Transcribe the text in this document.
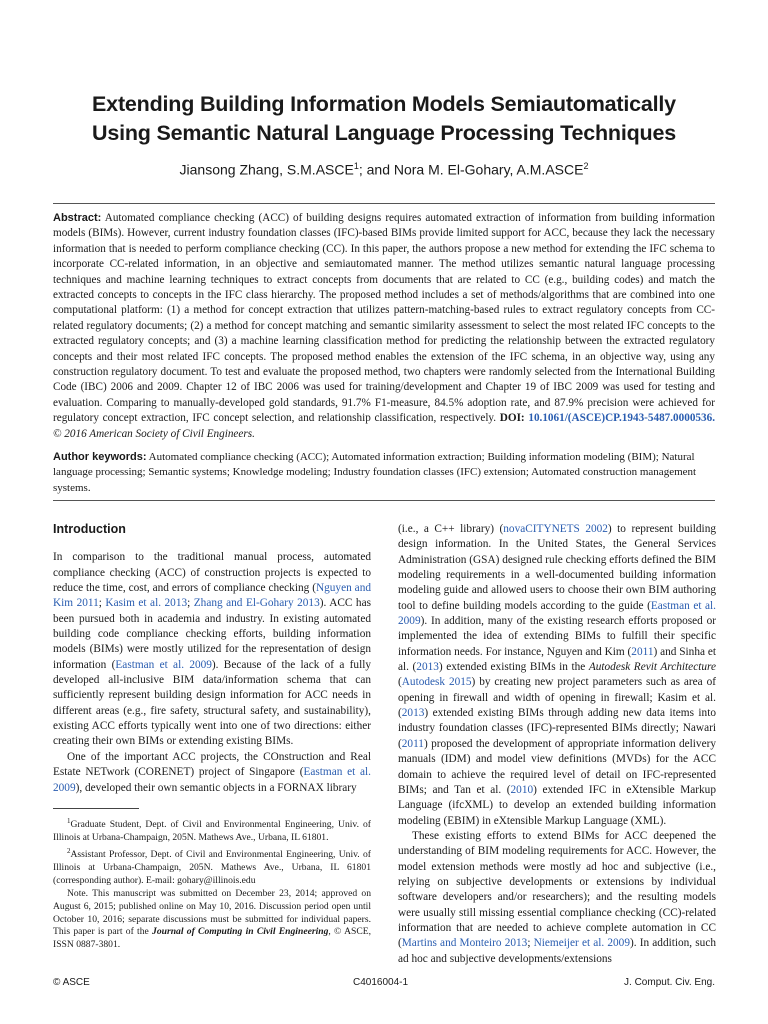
Extending Building Information Models Semiautomatically
Using Semantic Natural Language Processing Techniques
Jiansong Zhang, S.M.ASCE$^1$; and Nora M. El-Gohary, A.M.ASCE$^2$
Abstract: Automated compliance checking (ACC) of building designs requires automated extraction of information from building information models (BIMs). However, current industry foundation classes (IFC)-based BIMs provide limited support for ACC, because they lack the necessary information that is needed to perform compliance checking (CC). In this paper, the authors propose a new method for extending the IFC schema to incorporate CC-related information, in an objective and semiautomated manner. The method utilizes semantic natural language processing techniques and machine learning techniques to extract concepts from documents that are related to CC (e.g., building codes) and match the extracted concepts to concepts in the IFC class hierarchy. The proposed method includes a set of methods/algorithms that are combined into one computational platform: (1) a method for concept extraction that utilizes pattern-matching-based rules to extract regulatory concepts from CC-related regulatory documents; (2) a method for concept matching and semantic similarity assessment to select the most related IFC concepts to the extracted regulatory concepts; and (3) a machine learning classification method for predicting the relationship between the extracted regulatory concepts and their most related IFC concepts. The proposed method enables the extension of the IFC schema, in an objective way, using any construction regulatory document. To test and evaluate the proposed method, two chapters were randomly selected from the International Building Code (IBC) 2006 and 2009. Chapter 12 of IBC 2006 was used for training/development and Chapter 19 of IBC 2009 was used for testing and evaluation. Comparing to manually-developed gold standards, 91.7% F1-measure, 84.5% adoption rate, and 87.9% precision were achieved for regulatory concept extraction, IFC concept selection, and relationship classification, respectively. DOI: 10.1061/(ASCE)CP.1943-5487.0000536. © 2016 American Society of Civil Engineers.
Author keywords: Automated compliance checking (ACC); Automated information extraction; Building information modeling (BIM); Natural language processing; Semantic systems; Knowledge modeling; Industry foundation classes (IFC) extension; Automated construction management systems.
Introduction

In comparison to the traditional manual process, automated compliance checking (ACC) of construction projects is expected to reduce the time, cost, and errors of compliance checking (Nguyen and Kim 2011; Kasim et al. 2013; Zhang and El-Gohary 2013). ACC has been pursued both in academia and industry. In existing automated building code compliance checking efforts, building information models (BIMs) were mostly utilized for the representation of design information (Eastman et al. 2009). Because of the lack of a fully developed all-inclusive BIM data/information schema that can sufficiently represent building design information for ACC needs in different areas (e.g., fire safety, structural safety, and sustainability), existing ACC efforts typically went into one of two directions: either creating their own BIMs or extending existing BIMs.

One of the important ACC projects, the COnstruction and Real Estate NETwork (CORENET) project of Singapore (Eastman et al. 2009), developed their own semantic objects in a FORNAX library

$^1$Graduate Student, Dept. of Civil and Environmental Engineering, Univ. of Illinois at Urbana-Champaign, 205N. Mathews Ave., Urbana, IL 61801.

$^2$Assistant Professor, Dept. of Civil and Environmental Engineering, Univ. of Illinois at Urbana-Champaign, 205N. Mathews Ave., Urbana, IL 61801 (corresponding author). E-mail: gohary@illinois.edu

Note. This manuscript was submitted on December 23, 2014; approved on August 6, 2015; published online on May 10, 2016. Discussion period open until October 10, 2016; separate discussions must be submitted for individual papers. This paper is part of the Journal of Computing in Civil Engineering, © ASCE, ISSN 0887-3801.

(i.e., a C++ library) (novaCITYNETS 2002) to represent building design information. In the United States, the General Services Administration (GSA) designed rule checking efforts defined the BIM modeling requirements in a well-documented building information modeling guide and allowed users to choose their own BIM authoring tool to define building models according to the guide (Eastman et al. 2009). In addition, many of the existing research efforts proposed or implemented the idea of extending BIMs to fulfill their specific information needs. For instance, Nguyen and Kim (2011) and Sinha et al. (2013) extended existing BIMs in the Autodesk Revit Architecture (Autodesk 2015) by creating new project parameters such as area of opening in firewall and width of opening in firewall; Kasim et al. (2013) extended existing BIMs through adding new data items into industry foundation classes (IFC)-represented BIMs directly; Nawari (2011) proposed the development of appropriate information delivery manuals (IDM) and model view definitions (MVDs) for the ACC domain to achieve the required level of detail on IFC-represented BIMs; and Tan et al. (2010) extended IFC in eXtensible Markup Language (ifcXML) to develop an extended building information modeling (EBIM) in eXtensible Markup Language (XML).

These existing efforts to extend BIMs for ACC deepened the understanding of BIM modeling requirements for ACC. However, the model extension methods were mostly ad hoc and subjective (i.e., relying on subjective developments or extensions by individual software developers and/or researchers); and the resulting models were usually still missing essential compliance checking (CC)-related information that are needed to achieve complete automation in CC (Martins and Monteiro 2013; Niemeijer et al. 2009). In addition, such ad hoc and subjective developments/extensions

© ASCE	C4016004-1	J. Comput. Civ. Eng.
